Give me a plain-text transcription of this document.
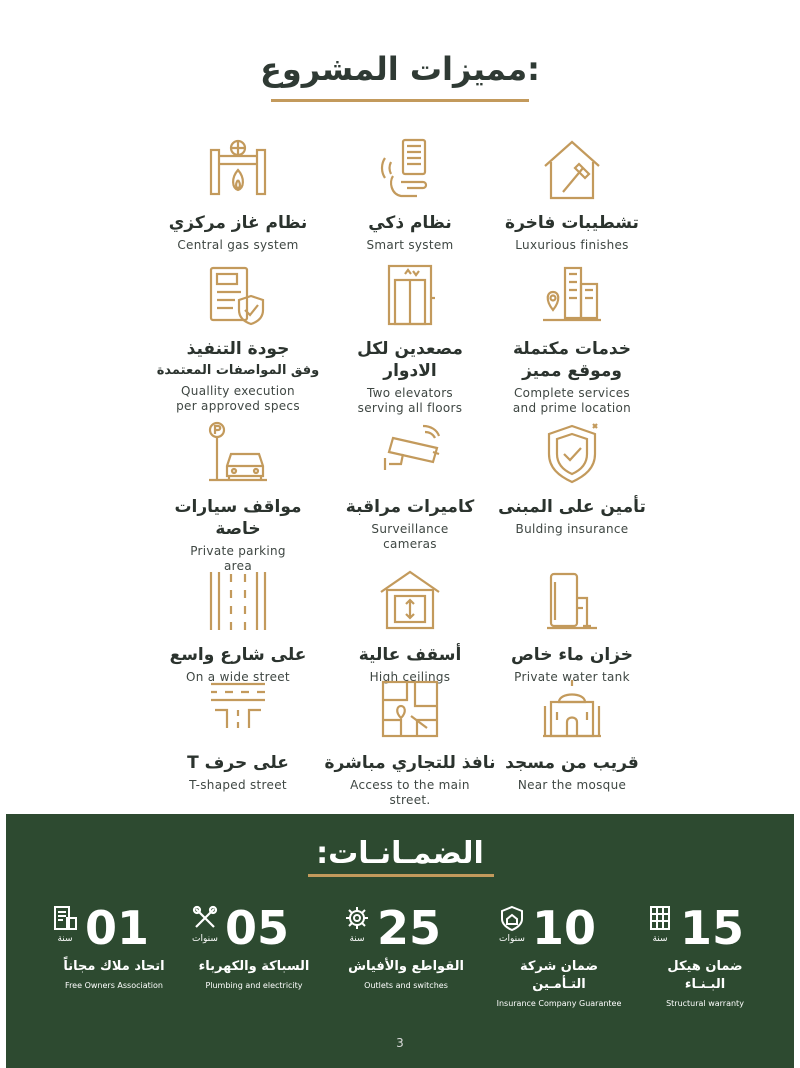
مميزات المشروع:
نظام غاز مركزي
Central gas system
نظام ذكي
Smart system
تشطيبات فاخرة
Luxurious finishes
جودة التنفيذ
وفق المواصفات المعتمدة
Quallity execution
per approved specs
مصعدين لكل
الادوار
Two elevators
serving all floors
خدمات مكتملة
وموقع مميز
Complete services
and prime location
مواقف سيارات
خاصة
Private parking
area
كاميرات مراقبة
Surveillance
cameras
تأمين على المبنى
Bulding insurance
على شارع واسع
On a wide street
أسقف عالية
High ceilings
خزان ماء خاص
Private water tank
على حرف T
T-shaped street
نافذ للتجاري مباشرة
Access to the main
street.
قريب من مسجد
Near the mosque
الضمـانـات:
سنة 01
اتحاد ملاك مجاناً
Free Owners Association
سنوات 05
السباكة والكهرباء
Plumbing and electricity
سنة 25
القواطع والأفياش
Outlets and switches
سنوات 10
ضمان شركة
التـأمـين
Insurance Company Guarantee
سنة 15
ضمان هيكل
البـنـاء
Structural warranty
3
